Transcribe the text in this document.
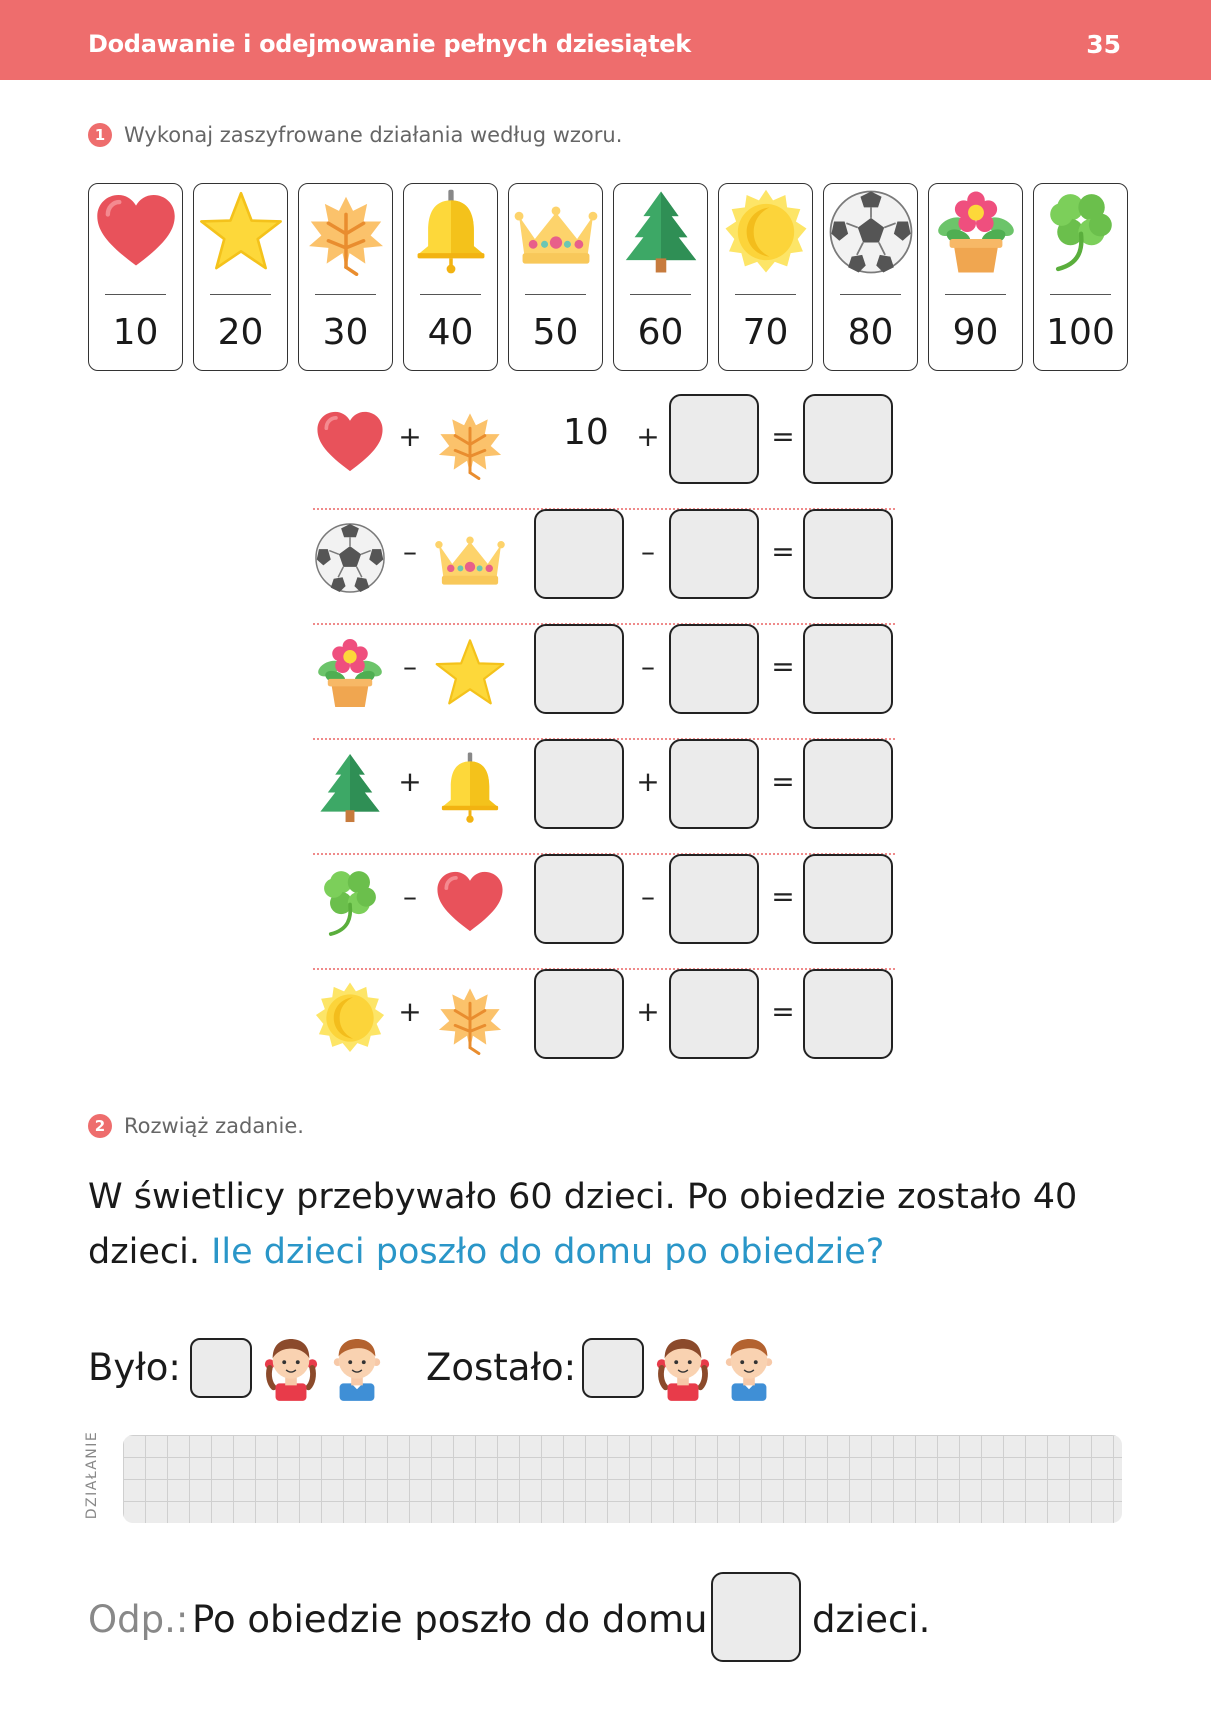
Dodawanie i odejmowanie pełnych dziesiątek	35
1 Wykonaj zaszyfrowane działania według wzoru.
10	20	30	40	50	60	70	80	90	100
+	10 +	=
–	–	=
–	–	=
+	+	=
–	–	=
+	+	=
2 Rozwiąż zadanie.
W świetlicy przebywało 60 dzieci. Po obiedzie zostało 40 dzieci. Ile dzieci poszło do domu po obiedzie?
Było:	Zostało:
DZIAŁANIE
Odp.: Po obiedzie poszło do domu	dzieci.
